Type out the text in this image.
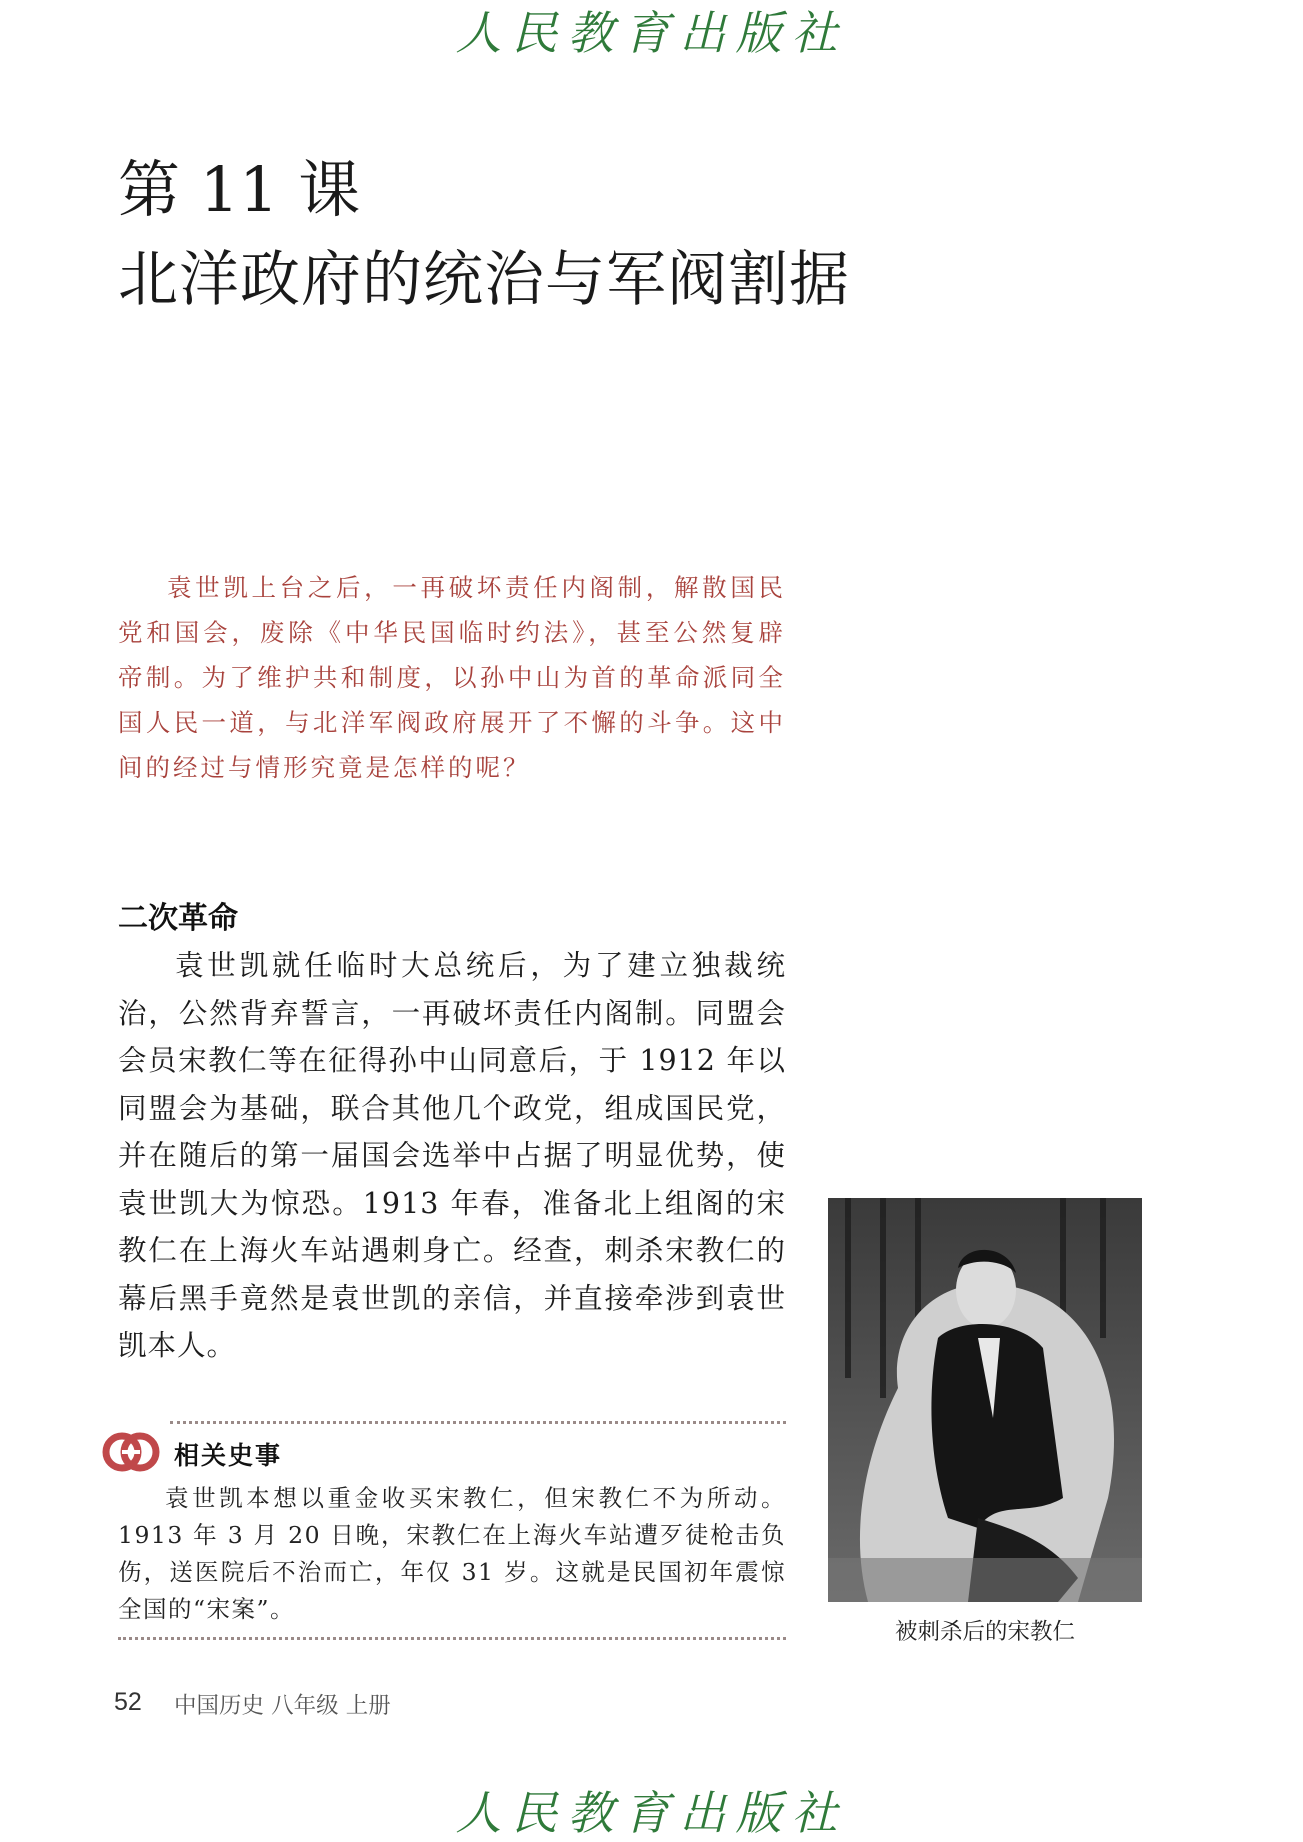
人民教育出版社
第 11 课
北洋政府的统治与军阀割据

袁世凯上台之后，一再破坏责任内阁制，解散国民党和国会，废除《中华民国临时约法》，甚至公然复辟帝制。为了维护共和制度，以孙中山为首的革命派同全国人民一道，与北洋军阀政府展开了不懈的斗争。这中间的经过与情形究竟是怎样的呢？

二次革命

袁世凯就任临时大总统后，为了建立独裁统治，公然背弃誓言，一再破坏责任内阁制。同盟会会员宋教仁等在征得孙中山同意后，于 1912 年以同盟会为基础，联合其他几个政党，组成国民党，并在随后的第一届国会选举中占据了明显优势，使袁世凯大为惊恐。1913 年春，准备北上组阁的宋教仁在上海火车站遇刺身亡。经查，刺杀宋教仁的幕后黑手竟然是袁世凯的亲信，并直接牵涉到袁世凯本人。

相关史事

袁世凯本想以重金收买宋教仁，但宋教仁不为所动。1913 年 3 月 20 日晚，宋教仁在上海火车站遭歹徒枪击负伤，送医院后不治而亡，年仅 31 岁。这就是民国初年震惊全国的“宋案”。

被刺杀后的宋教仁
52 中国历史 八年级 上册
人民教育出版社
